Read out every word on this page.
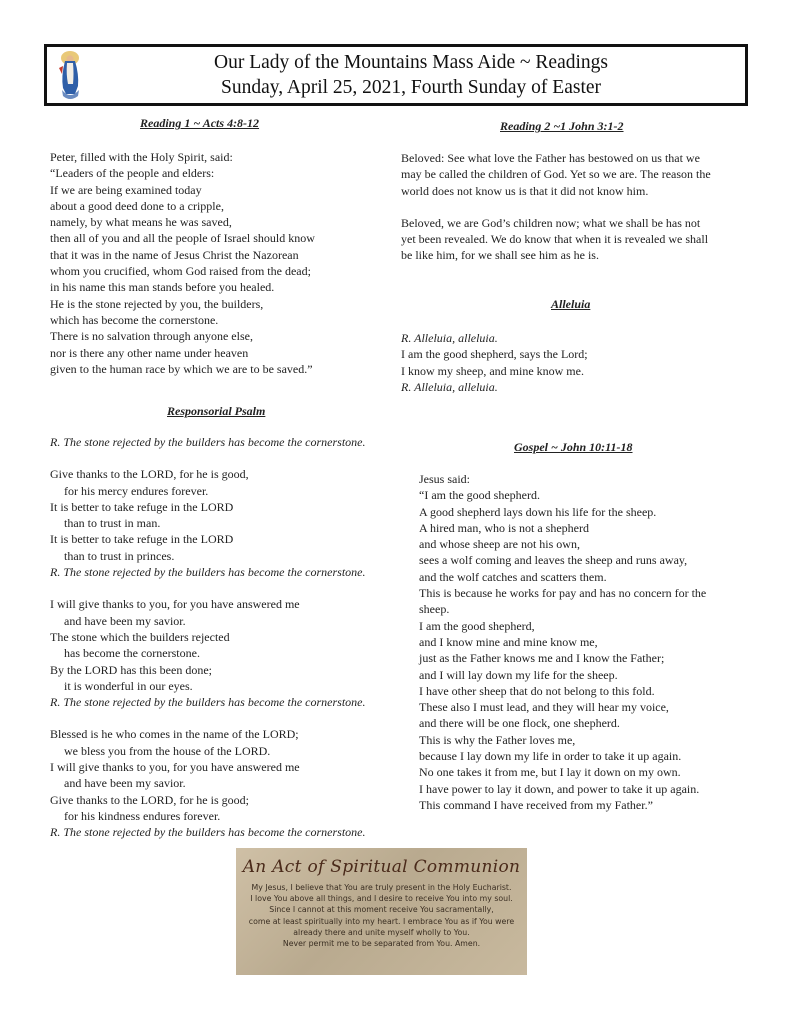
Our Lady of the Mountains Mass Aide ~ Readings
Sunday, April 25, 2021, Fourth Sunday of Easter
Reading 1 ~ Acts 4:8-12
Peter, filled with the Holy Spirit, said:
“Leaders of the people and elders:
If we are being examined today
about a good deed done to a cripple,
namely, by what means he was saved,
then all of you and all the people of Israel should know
that it was in the name of Jesus Christ the Nazorean
whom you crucified, whom God raised from the dead;
in his name this man stands before you healed.
He is the stone rejected by you, the builders,
which has become the cornerstone.
There is no salvation through anyone else,
nor is there any other name under heaven
given to the human race by which we are to be saved.”
Responsorial Psalm
R. The stone rejected by the builders has become the cornerstone.
Give thanks to the LORD, for he is good,
for his mercy endures forever.
It is better to take refuge in the LORD
than to trust in man.
It is better to take refuge in the LORD
than to trust in princes.
R. The stone rejected by the builders has become the cornerstone.
I will give thanks to you, for you have answered me
and have been my savior.
The stone which the builders rejected
has become the cornerstone.
By the LORD has this been done;
it is wonderful in our eyes.
R. The stone rejected by the builders has become the cornerstone.
Blessed is he who comes in the name of the LORD;
we bless you from the house of the LORD.
I will give thanks to you, for you have answered me
and have been my savior.
Give thanks to the LORD, for he is good;
for his kindness endures forever.
R. The stone rejected by the builders has become the cornerstone.
Reading 2 ~1 John 3:1-2
Beloved: See what love the Father has bestowed on us that we
may be called the children of God. Yet so we are. The reason the
world does not know us is that it did not know him.
Beloved, we are God’s children now; what we shall be has not
yet been revealed. We do know that when it is revealed we shall
be like him, for we shall see him as he is.
Alleluia
R. Alleluia, alleluia.
I am the good shepherd, says the Lord;
I know my sheep, and mine know me.
R. Alleluia, alleluia.
Gospel ~ John 10:11-18
Jesus said:
“I am the good shepherd.
A good shepherd lays down his life for the sheep.
A hired man, who is not a shepherd
and whose sheep are not his own,
sees a wolf coming and leaves the sheep and runs away,
and the wolf catches and scatters them.
This is because he works for pay and has no concern for the
sheep.
I am the good shepherd,
and I know mine and mine know me,
just as the Father knows me and I know the Father;
and I will lay down my life for the sheep.
I have other sheep that do not belong to this fold.
These also I must lead, and they will hear my voice,
and there will be one flock, one shepherd.
This is why the Father loves me,
because I lay down my life in order to take it up again.
No one takes it from me, but I lay it down on my own.
I have power to lay it down, and power to take it up again.
This command I have received from my Father.”
An Act of Spiritual Communion
My Jesus, I believe that You are truly present in the Holy Eucharist.
I love You above all things, and I desire to receive You into my soul.
Since I cannot at this moment receive You sacramentally,
come at least spiritually into my heart. I embrace You as if You were
already there and unite myself wholly to You.
Never permit me to be separated from You. Amen.
